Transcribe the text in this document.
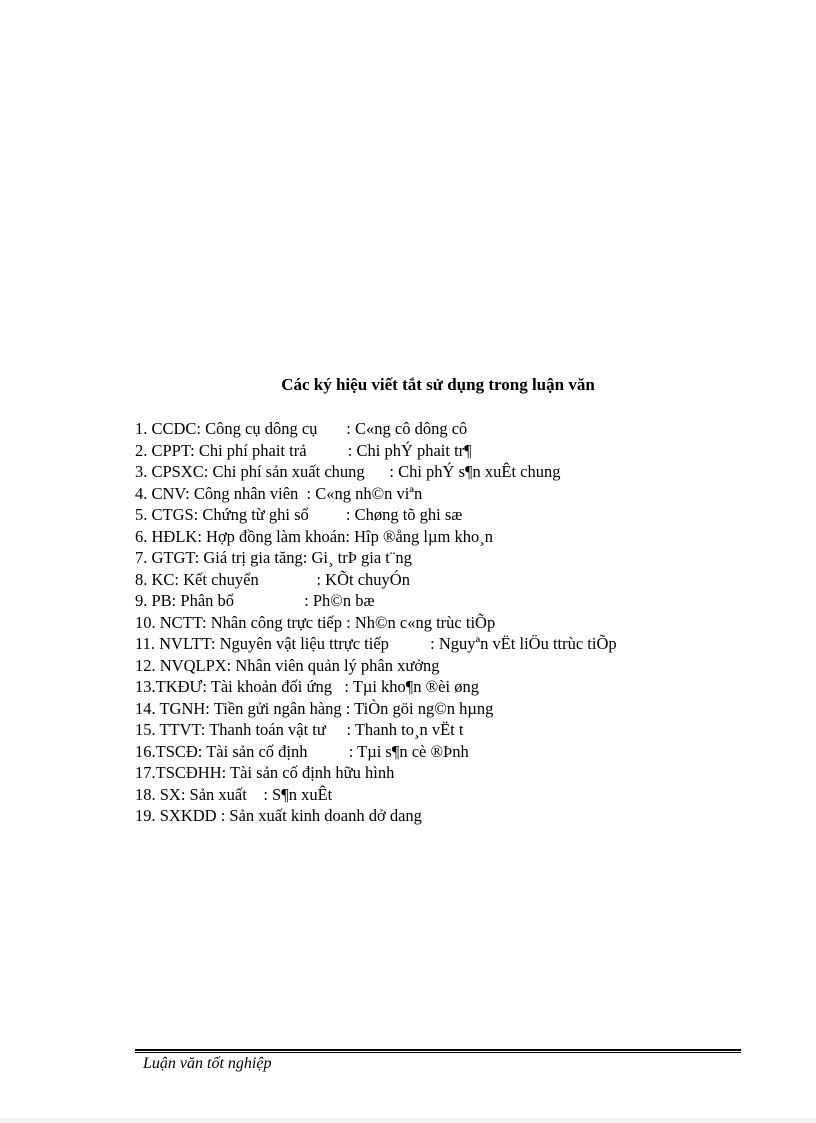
Các ký hiệu viết tắt sử dụng trong luận văn
1. CCDC: Công cụ dông cụ       : C«ng cô dông cô
2. CPPT: Chi phí phait trả          : Chi phÝ phait tr¶
3. CPSXC: Chi phí sản xuất chung      : Chi phÝ s¶n xuÊt chung
4. CNV: Công nhân viên  : C«ng nh©n viªn
5. CTGS: Chứng từ ghi sổ         : Chøng tõ ghi sæ
6. HĐLK: Hợp đồng làm khoán: Hîp ®ång lµm kho¸n
7. GTGT: Giá trị gia tăng: Gi¸ trÞ gia t¨ng
8. KC: Kết chuyển              : KÕt chuyÓn
9. PB: Phân bổ                 : Ph©n bæ
10. NCTT: Nhân công trực tiếp : Nh©n c«ng trùc tiÕp
11. NVLTT: Nguyên vật liệu ttrực tiếp          : Nguyªn vËt liÖu ttrùc tiÕp
12. NVQLPX: Nhân viên quản lý phân xưởng
13.TKĐƯ: Tài khoản đối ứng   : Tµi kho¶n ®èi øng
14. TGNH: Tiền gửi ngân hàng : TiÒn göi ng©n hµng
15. TTVT: Thanh toán vật tư     : Thanh to¸n vËt t
16.TSCĐ: Tài sản cố định          : Tµi s¶n cè ®Þnh
17.TSCĐHH: Tài sản cố định hữu hình
18. SX: Sản xuất    : S¶n xuÊt
19. SXKDD : Sản xuất kinh doanh dở dang
Luận văn tốt nghiệp
